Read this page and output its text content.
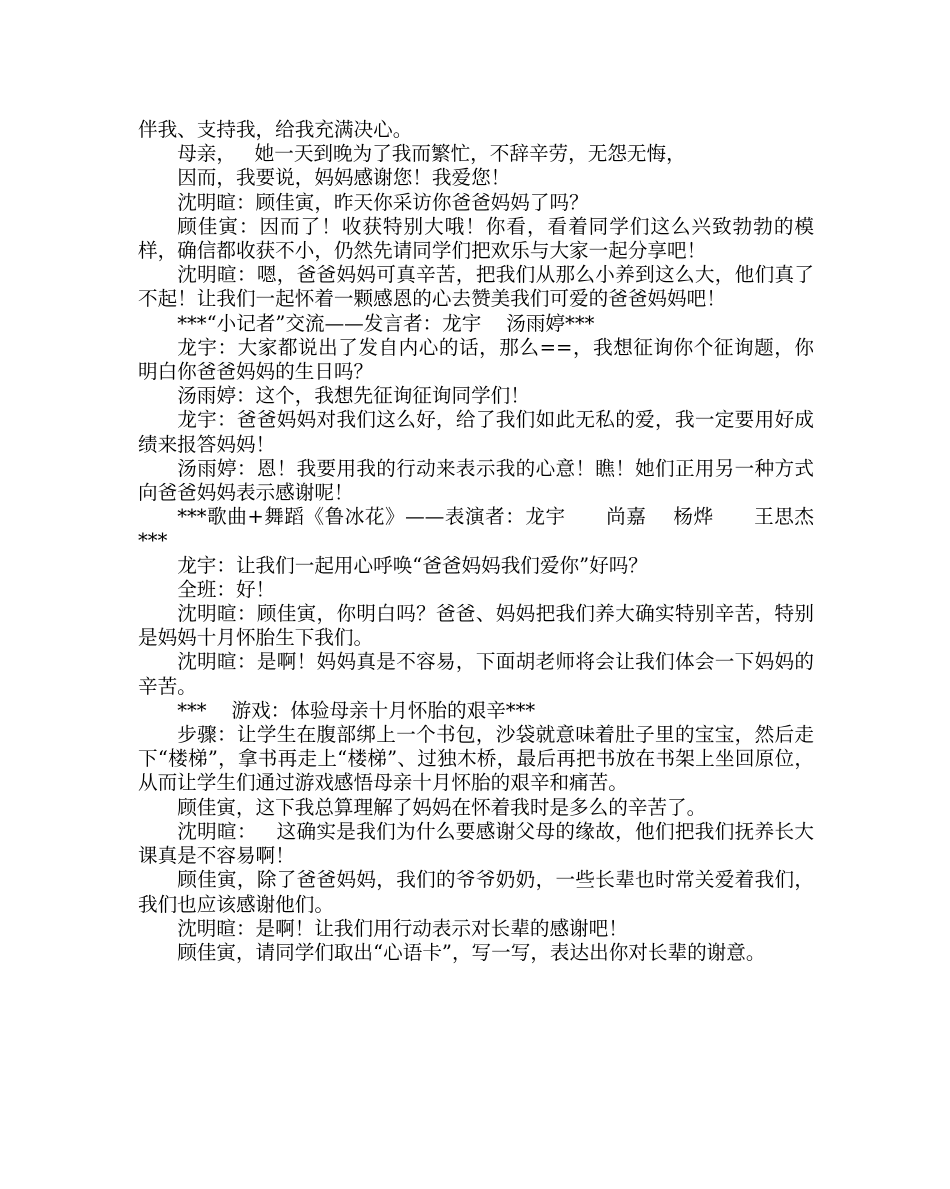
伴我、支持我，给我充满决心。

母亲，   她一天到晚为了我而繁忙，不辞辛劳，无怨无悔，

因而，我要说，妈妈感谢您！我爱您！

沈明暄：顾佳寅，昨天你采访你爸爸妈妈了吗？

顾佳寅：因而了！收获特别大哦！你看，看着同学们这么兴致勃勃的模样，确信都收获不小，仍然先请同学们把欢乐与大家一起分享吧！

沈明暄：嗯，爸爸妈妈可真辛苦，把我们从那么小养到这么大，他们真了不起！让我们一起怀着一颗感恩的心去赞美我们可爱的爸爸妈妈吧！

***“小记者”交流——发言者：龙宇    汤雨婷***

龙宇：大家都说出了发自内心的话，那么==，我想征询你个征询题，你明白你爸爸妈妈的生日吗？

汤雨婷：这个，我想先征询征询同学们！

龙宇：爸爸妈妈对我们这么好，给了我们如此无私的爱，我一定要用好成绩来报答妈妈！

汤雨婷：恩！我要用我的行动来表示我的心意！瞧！她们正用另一种方式向爸爸妈妈表示感谢呢！

***歌曲+舞蹈《鲁冰花》——表演者：龙宇      尚嘉    杨烨      王思杰 ***

龙宇：让我们一起用心呼唤“爸爸妈妈我们爱你”好吗？

全班：好！

沈明暄：顾佳寅，你明白吗？爸爸、妈妈把我们养大确实特别辛苦，特别是妈妈十月怀胎生下我们。

沈明暄：是啊！妈妈真是不容易，下面胡老师将会让我们体会一下妈妈的辛苦。

***    游戏：体验母亲十月怀胎的艰辛***

步骤：让学生在腹部绑上一个书包，沙袋就意味着肚子里的宝宝，然后走下“楼梯”，拿书再走上“楼梯”、过独木桥，最后再把书放在书架上坐回原位，从而让学生们通过游戏感悟母亲十月怀胎的艰辛和痛苦。

顾佳寅，这下我总算理解了妈妈在怀着我时是多么的辛苦了。

沈明暄：   这确实是我们为什么要感谢父母的缘故，他们把我们抚养长大课真是不容易啊！

顾佳寅，除了爸爸妈妈，我们的爷爷奶奶，一些长辈也时常关爱着我们，我们也应该感谢他们。

沈明暄：是啊！让我们用行动表示对长辈的感谢吧！

顾佳寅，请同学们取出“心语卡”，写一写，表达出你对长辈的谢意。
